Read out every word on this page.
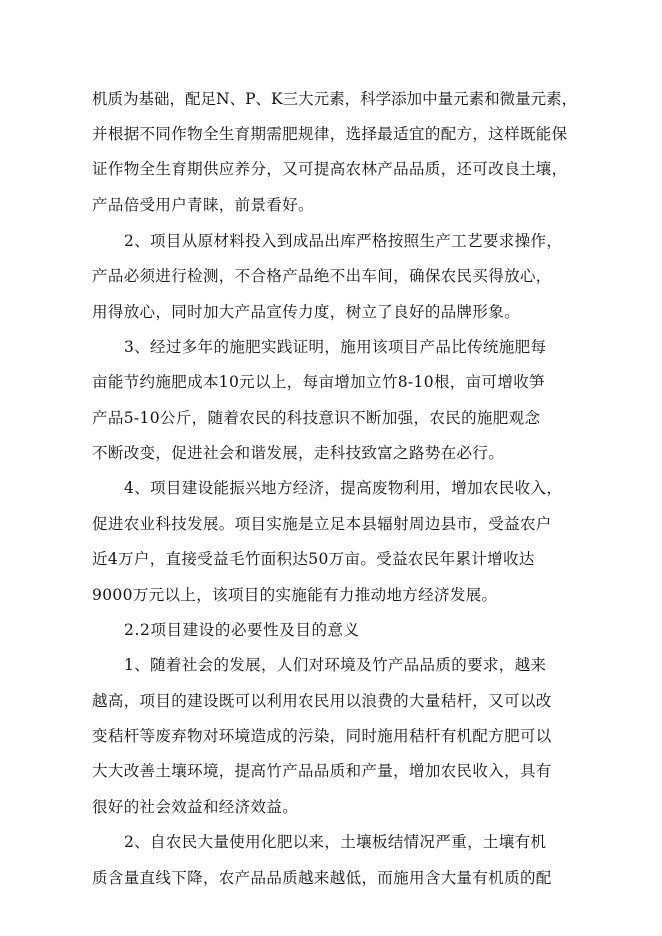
机质为基础，配足N、P、K三大元素，科学添加中量元素和微量元素，
并根据不同作物全生育期需肥规律，选择最适宜的配方，这样既能保
证作物全生育期供应养分，又可提高农林产品品质，还可改良土壤，
产品倍受用户青睐，前景看好。
2、项目从原材料投入到成品出库严格按照生产工艺要求操作，
产品必须进行检测，不合格产品绝不出车间，确保农民买得放心，
用得放心，同时加大产品宣传力度，树立了良好的品牌形象。
3、经过多年的施肥实践证明，施用该项目产品比传统施肥每
亩能节约施肥成本10元以上，每亩增加立竹8-10根，亩可增收笋
产品5-10公斤，随着农民的科技意识不断加强，农民的施肥观念
不断改变，促进社会和谐发展，走科技致富之路势在必行。
4、项目建设能振兴地方经济，提高废物利用，增加农民收入，
促进农业科技发展。项目实施是立足本县辐射周边县市，受益农户
近4万户，直接受益毛竹面积达50万亩。受益农民年累计增收达
9000万元以上，该项目的实施能有力推动地方经济发展。
2.2项目建设的必要性及目的意义
1、随着社会的发展，人们对环境及竹产品品质的要求，越来
越高，项目的建设既可以利用农民用以浪费的大量秸杆，又可以改
变秸杆等废弃物对环境造成的污染，同时施用秸杆有机配方肥可以
大大改善土壤环境，提高竹产品品质和产量，增加农民收入，具有
很好的社会效益和经济效益。
2、自农民大量使用化肥以来，土壤板结情况严重，土壤有机
质含量直线下降，农产品品质越来越低，而施用含大量有机质的配
